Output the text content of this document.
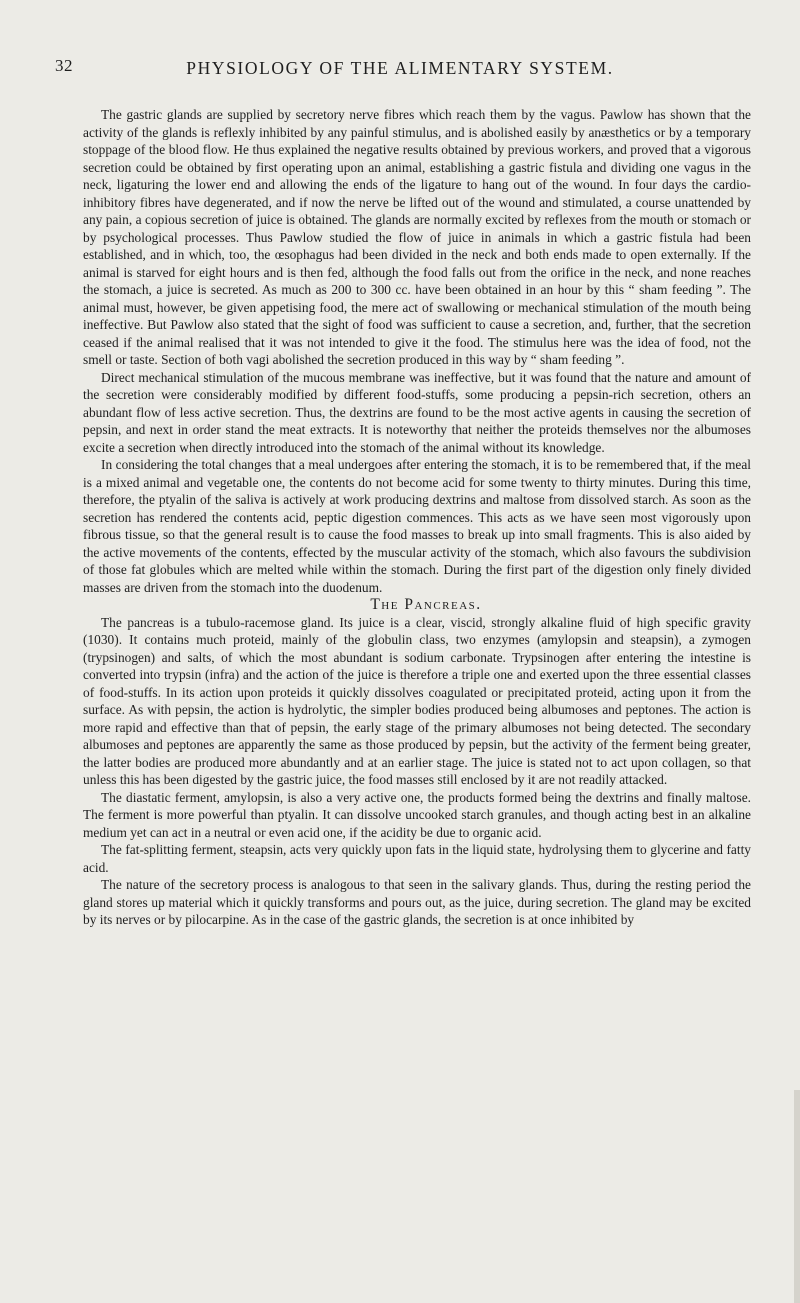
32	PHYSIOLOGY OF THE ALIMENTARY SYSTEM.

The gastric glands are supplied by secretory nerve fibres which reach them by the vagus. Pawlow has shown that the activity of the glands is reflexly inhibited by any painful stimulus, and is abolished easily by anæsthetics or by a temporary stoppage of the blood flow. He thus explained the negative results obtained by previous workers, and proved that a vigorous secretion could be obtained by first operating upon an animal, establishing a gastric fistula and dividing one vagus in the neck, ligaturing the lower end and allowing the ends of the ligature to hang out of the wound. In four days the cardio-inhibitory fibres have degenerated, and if now the nerve be lifted out of the wound and stimulated, a course unattended by any pain, a copious secretion of juice is obtained. The glands are normally excited by reflexes from the mouth or stomach or by psychological processes. Thus Pawlow studied the flow of juice in animals in which a gastric fistula had been established, and in which, too, the œsophagus had been divided in the neck and both ends made to open externally. If the animal is starved for eight hours and is then fed, although the food falls out from the orifice in the neck, and none reaches the stomach, a juice is secreted. As much as 200 to 300 cc. have been obtained in an hour by this “ sham feeding ”. The animal must, however, be given appetising food, the mere act of swallowing or mechanical stimulation of the mouth being ineffective. But Pawlow also stated that the sight of food was sufficient to cause a secretion, and, further, that the secretion ceased if the animal realised that it was not intended to give it the food. The stimulus here was the idea of food, not the smell or taste. Section of both vagi abolished the secretion produced in this way by “ sham feeding ”.

Direct mechanical stimulation of the mucous membrane was ineffective, but it was found that the nature and amount of the secretion were considerably modified by different food-stuffs, some producing a pepsin-rich secretion, others an abundant flow of less active secretion. Thus, the dextrins are found to be the most active agents in causing the secretion of pepsin, and next in order stand the meat extracts. It is noteworthy that neither the proteids themselves nor the albumoses excite a secretion when directly introduced into the stomach of the animal without its knowledge.

In considering the total changes that a meal undergoes after entering the stomach, it is to be remembered that, if the meal is a mixed animal and vegetable one, the contents do not become acid for some twenty to thirty minutes. During this time, therefore, the ptyalin of the saliva is actively at work producing dextrins and maltose from dissolved starch. As soon as the secretion has rendered the contents acid, peptic digestion commences. This acts as we have seen most vigorously upon fibrous tissue, so that the general result is to cause the food masses to break up into small fragments. This is also aided by the active movements of the contents, effected by the muscular activity of the stomach, which also favours the subdivision of those fat globules which are melted while within the stomach. During the first part of the digestion only finely divided masses are driven from the stomach into the duodenum.

The Pancreas.

The pancreas is a tubulo-racemose gland. Its juice is a clear, viscid, strongly alkaline fluid of high specific gravity (1030). It contains much proteid, mainly of the globulin class, two enzymes (amylopsin and steapsin), a zymogen (trypsinogen) and salts, of which the most abundant is sodium carbonate. Trypsinogen after entering the intestine is converted into trypsin (infra) and the action of the juice is therefore a triple one and exerted upon the three essential classes of food-stuffs. In its action upon proteids it quickly dissolves coagulated or precipitated proteid, acting upon it from the surface. As with pepsin, the action is hydrolytic, the simpler bodies produced being albumoses and peptones. The action is more rapid and effective than that of pepsin, the early stage of the primary albumoses not being detected. The secondary albumoses and peptones are apparently the same as those produced by pepsin, but the activity of the ferment being greater, the latter bodies are produced more abundantly and at an earlier stage. The juice is stated not to act upon collagen, so that unless this has been digested by the gastric juice, the food masses still enclosed by it are not readily attacked.

The diastatic ferment, amylopsin, is also a very active one, the products formed being the dextrins and finally maltose. The ferment is more powerful than ptyalin. It can dissolve uncooked starch granules, and though acting best in an alkaline medium yet can act in a neutral or even acid one, if the acidity be due to organic acid.

The fat-splitting ferment, steapsin, acts very quickly upon fats in the liquid state, hydrolysing them to glycerine and fatty acid.

The nature of the secretory process is analogous to that seen in the salivary glands. Thus, during the resting period the gland stores up material which it quickly transforms and pours out, as the juice, during secretion. The gland may be excited by its nerves or by pilocarpine. As in the case of the gastric glands, the secretion is at once inhibited by
